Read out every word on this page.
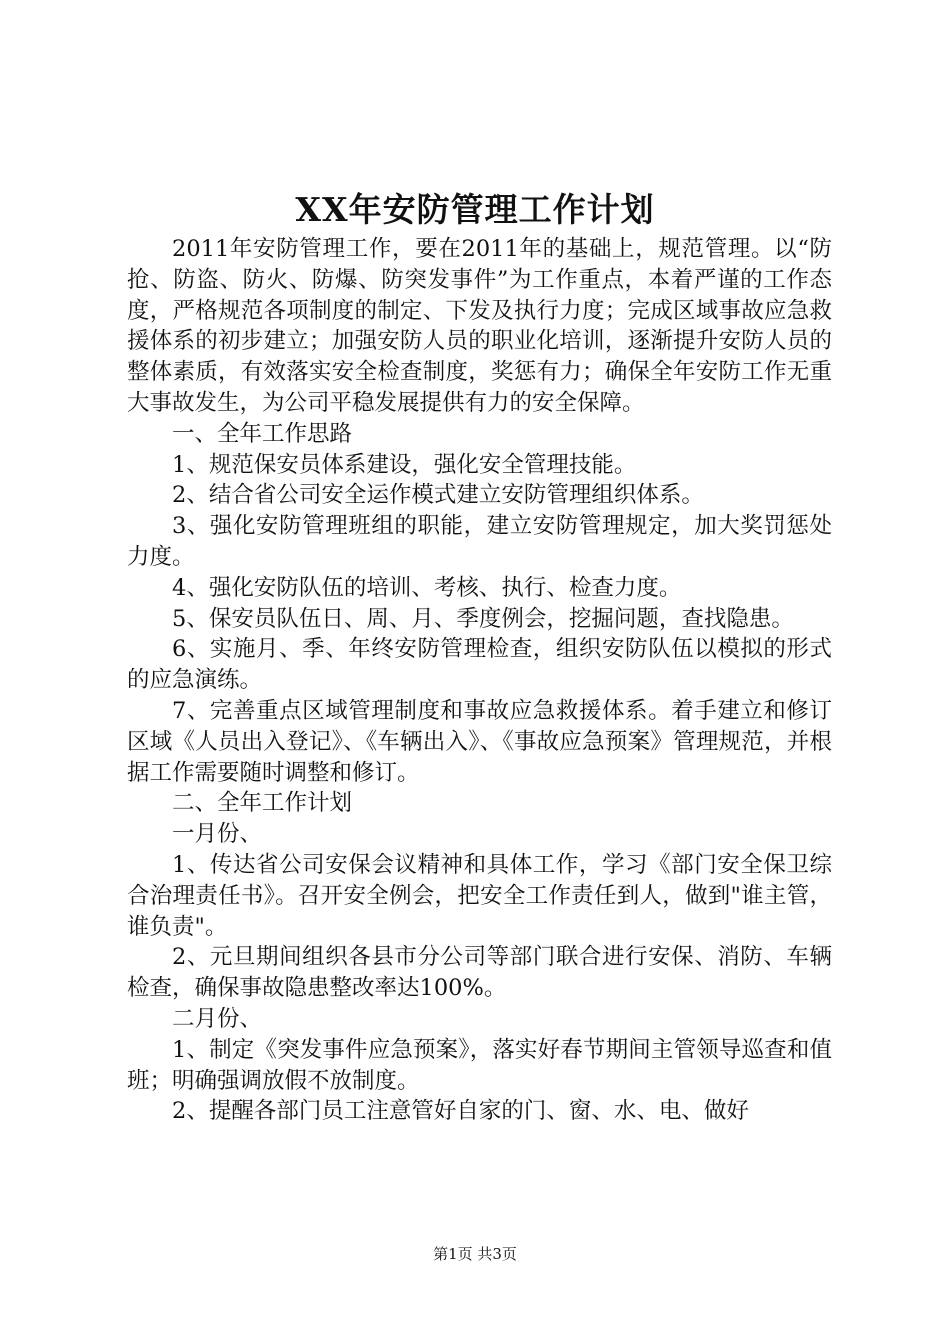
XX年安防管理工作计划

2011年安防管理工作，要在2011年的基础上，规范管理。以“防抢、防盗、防火、防爆、防突发事件”为工作重点，本着严谨的工作态度，严格规范各项制度的制定、下发及执行力度；完成区域事故应急救援体系的初步建立；加强安防人员的职业化培训，逐渐提升安防人员的整体素质，有效落实安全检查制度，奖惩有力；确保全年安防工作无重大事故发生，为公司平稳发展提供有力的安全保障。

一、全年工作思路

1、规范保安员体系建设，强化安全管理技能。

2、结合省公司安全运作模式建立安防管理组织体系。

3、强化安防管理班组的职能，建立安防管理规定，加大奖罚惩处力度。

4、强化安防队伍的培训、考核、执行、检查力度。

5、保安员队伍日、周、月、季度例会，挖掘问题，查找隐患。

6、实施月、季、年终安防管理检查，组织安防队伍以模拟的形式的应急演练。

7、完善重点区域管理制度和事故应急救援体系。着手建立和修订区域《人员出入登记》、《车辆出入》、《事故应急预案》管理规范，并根据工作需要随时调整和修订。

二、全年工作计划

一月份、

1、传达省公司安保会议精神和具体工作，学习《部门安全保卫综合治理责任书》。召开安全例会，把安全工作责任到人，做到"谁主管，谁负责"。

2、元旦期间组织各县市分公司等部门联合进行安保、消防、车辆检查，确保事故隐患整改率达100%。

二月份、

1、制定《突发事件应急预案》，落实好春节期间主管领导巡查和值班；明确强调放假不放制度。

2、提醒各部门员工注意管好自家的门、窗、水、电、做好

第1页 共3页
